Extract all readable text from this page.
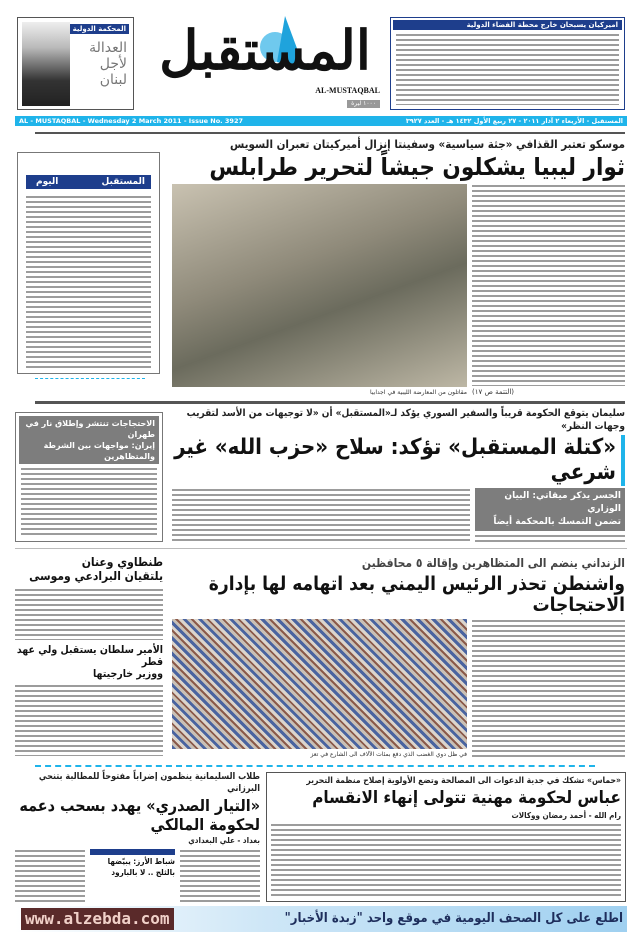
المحكمة الدولية
العدالة
لأجل
لبنان المستقبل
AL-MUSTAQBAL
١٠٠٠ ليرة
اميركيان يسبحان خارج محطة الفضاء الدولية
AL - MUSTAQBAL - Wednesday 2 March 2011 - Issue No. 3927	المستقبل - الأربعاء ٢ آذار ٢٠١١ - ٢٧ ربيع الأول ١٤٣٢ هـ - العدد ٣٩٢٧
المستقبل
اليوم
موسكو تعتبر القذافي «جثة سياسية» وسفينتا إنزال أميركيتان تعبران السويس
ثوار ليبيا يشكلون جيشاً لتحرير طرابلس
مقاتلون من المعارضة الليبية في اجدابيا (التتمة ص ١٧)
سليمان يتوقع الحكومة قريباً والسفير السوري يؤكد لـ«المستقبل» أن «لا توجيهات من الأسد لتقريب وجهات النظر»
«كتلة المستقبل» تؤكد: سلاح «حزب الله» غير شرعي
الجسر يذكر ميقاتي: البيان الوزاري
تضمن التمسك بالمحكمة أيضاً
الاحتجاجات تنتشر وإطلاق نار في طهران
إيران: مواجهات بين الشرطة والمتظاهرين
طنطاوي وعنان
يلتقيان البرادعي وموسى
الأمير سلطان يستقبل ولي عهد قطر
ووزير خارجيتها
الزنداني ينضم الى المتظاهرين وإقالة ٥ محافظين
واشنطن تحذر الرئيس اليمني بعد اتهامه لها بإدارة الاحتجاجات
في ظل دوي الغضب الذي دفع بمئات الآلاف الى الشارع في تعز
«حماس» تشكك في جدية الدعوات الى المصالحة وتضع الأولوية إصلاح منظمة التحرير
عباس لحكومة مهنية تتولى إنهاء الانقسام
رام الله - أحمد رمضان ووكالات
طلاب السليمانية ينظمون إضراباً مفتوحاً للمطالبة بتنحي البرزاني
«التيار الصدري» يهدد بسحب دعمه لحكومة المالكي
بغداد - علي البغدادي
شباط الأرز: يبيّضها
بالثلج .. لا بالبارود
www.alzebda.com	اطلع على كل الصحف اليومية في موقع واحد "زبدة الأخبار"
